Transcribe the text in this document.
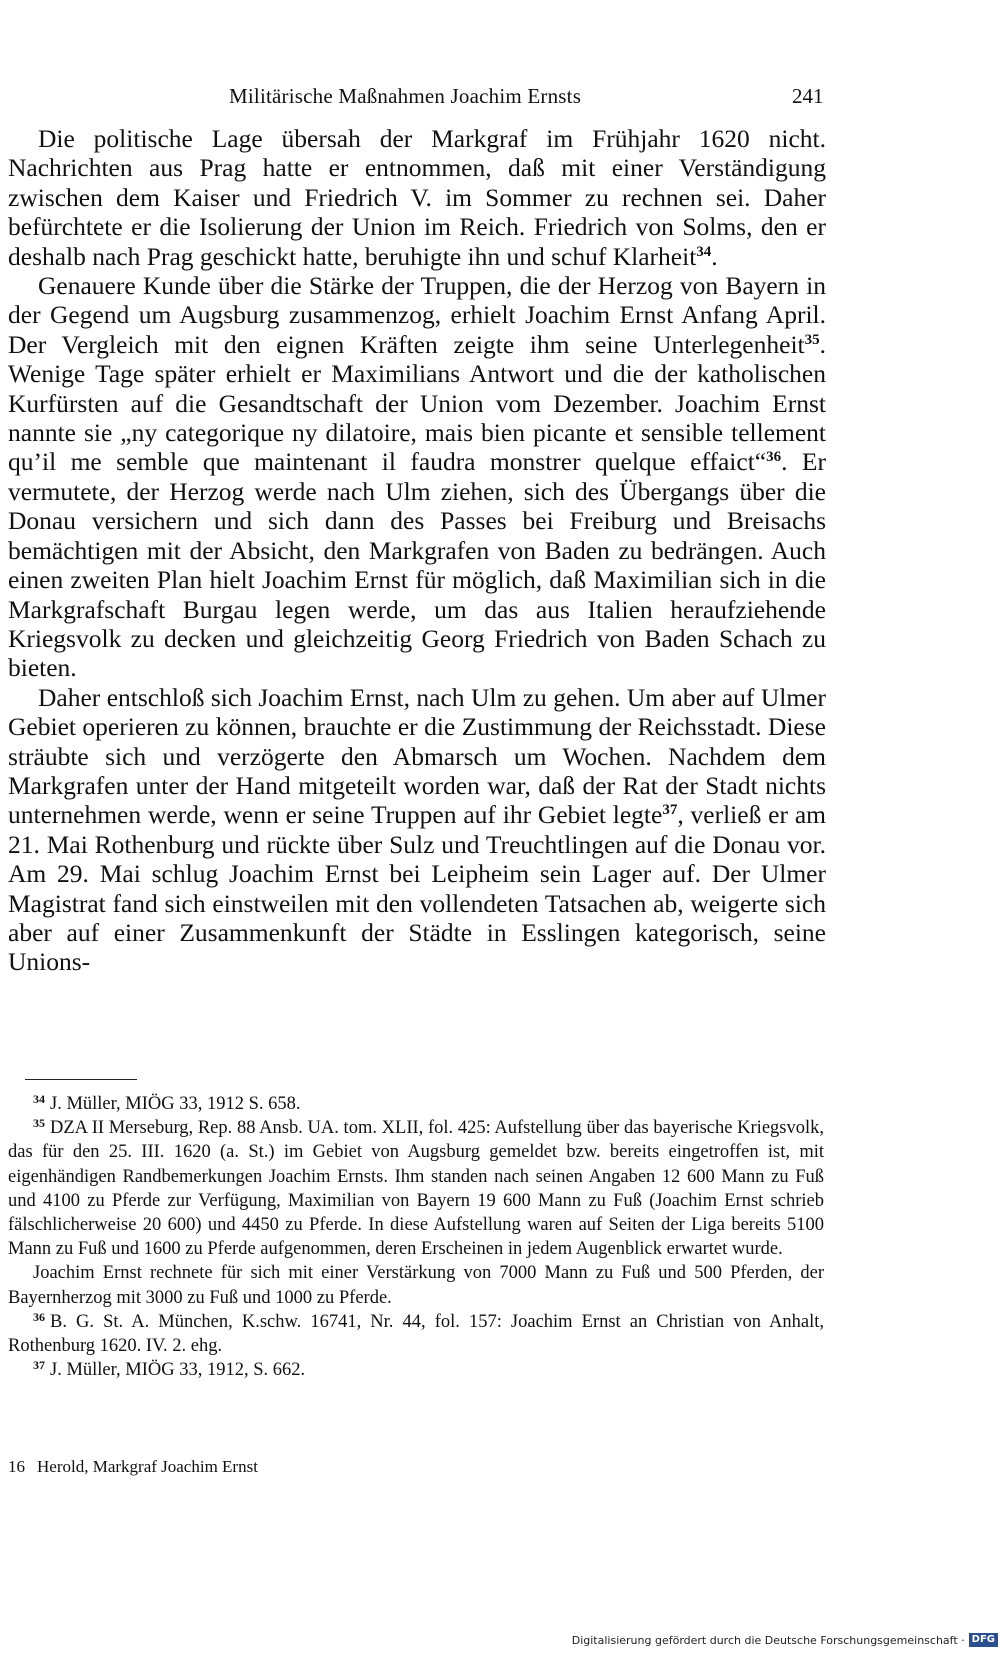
Militärische Maßnahmen Joachim Ernsts	241

Die politische Lage übersah der Markgraf im Frühjahr 1620 nicht. Nachrichten aus Prag hatte er entnommen, daß mit einer Verständigung zwischen dem Kaiser und Friedrich V. im Sommer zu rechnen sei. Daher befürchtete er die Isolierung der Union im Reich. Friedrich von Solms, den er deshalb nach Prag geschickt hatte, beruhigte ihn und schuf Klarheit$^{34}$.

Genauere Kunde über die Stärke der Truppen, die der Herzog von Bayern in der Gegend um Augsburg zusammenzog, erhielt Joachim Ernst Anfang April. Der Vergleich mit den eignen Kräften zeigte ihm seine Unterlegenheit$^{35}$. Wenige Tage später erhielt er Maximilians Antwort und die der katholischen Kurfürsten auf die Gesandtschaft der Union vom Dezember. Joachim Ernst nannte sie „ny categorique ny dilatoire, mais bien picante et sensible tellement qu’il me semble que maintenant il faudra monstrer quelque effaict“$^{36}$. Er vermutete, der Herzog werde nach Ulm ziehen, sich des Übergangs über die Donau versichern und sich dann des Passes bei Freiburg und Breisachs bemächtigen mit der Absicht, den Markgrafen von Baden zu bedrängen. Auch einen zweiten Plan hielt Joachim Ernst für möglich, daß Maximilian sich in die Markgrafschaft Burgau legen werde, um das aus Italien heraufziehende Kriegsvolk zu decken und gleichzeitig Georg Friedrich von Baden Schach zu bieten.

Daher entschloß sich Joachim Ernst, nach Ulm zu gehen. Um aber auf Ulmer Gebiet operieren zu können, brauchte er die Zustimmung der Reichsstadt. Diese sträubte sich und verzögerte den Abmarsch um Wochen. Nachdem dem Markgrafen unter der Hand mitgeteilt worden war, daß der Rat der Stadt nichts unternehmen werde, wenn er seine Truppen auf ihr Gebiet legte$^{37}$, verließ er am 21. Mai Rothenburg und rückte über Sulz und Treuchtlingen auf die Donau vor. Am 29. Mai schlug Joachim Ernst bei Leipheim sein Lager auf. Der Ulmer Magistrat fand sich einstweilen mit den vollendeten Tatsachen ab, weigerte sich aber auf einer Zusammenkunft der Städte in Esslingen kategorisch, seine Unions-

$^{34}$ J. Müller, MIÖG 33, 1912 S. 658.

$^{35}$ DZA II Merseburg, Rep. 88 Ansb. UA. tom. XLII, fol. 425: Aufstellung über das bayerische Kriegsvolk, das für den 25. III. 1620 (a. St.) im Gebiet von Augsburg gemeldet bzw. bereits eingetroffen ist, mit eigenhändigen Randbemerkungen Joachim Ernsts. Ihm standen nach seinen Angaben 12 600 Mann zu Fuß und 4100 zu Pferde zur Verfügung, Maximilian von Bayern 19 600 Mann zu Fuß (Joachim Ernst schrieb fälschlicherweise 20 600) und 4450 zu Pferde. In diese Aufstellung waren auf Seiten der Liga bereits 5100 Mann zu Fuß und 1600 zu Pferde aufgenommen, deren Erscheinen in jedem Augenblick erwartet wurde.

Joachim Ernst rechnete für sich mit einer Verstärkung von 7000 Mann zu Fuß und 500 Pferden, der Bayernherzog mit 3000 zu Fuß und 1000 zu Pferde.

$^{36}$ B. G. St. A. München, K.schw. 16741, Nr. 44, fol. 157: Joachim Ernst an Christian von Anhalt, Rothenburg 1620. IV. 2. ehg.

$^{37}$ J. Müller, MIÖG 33, 1912, S. 662.

16 Herold, Markgraf Joachim Ernst
Digitalisierung gefördert durch die Deutsche Forschungsgemeinschaft · DFG
